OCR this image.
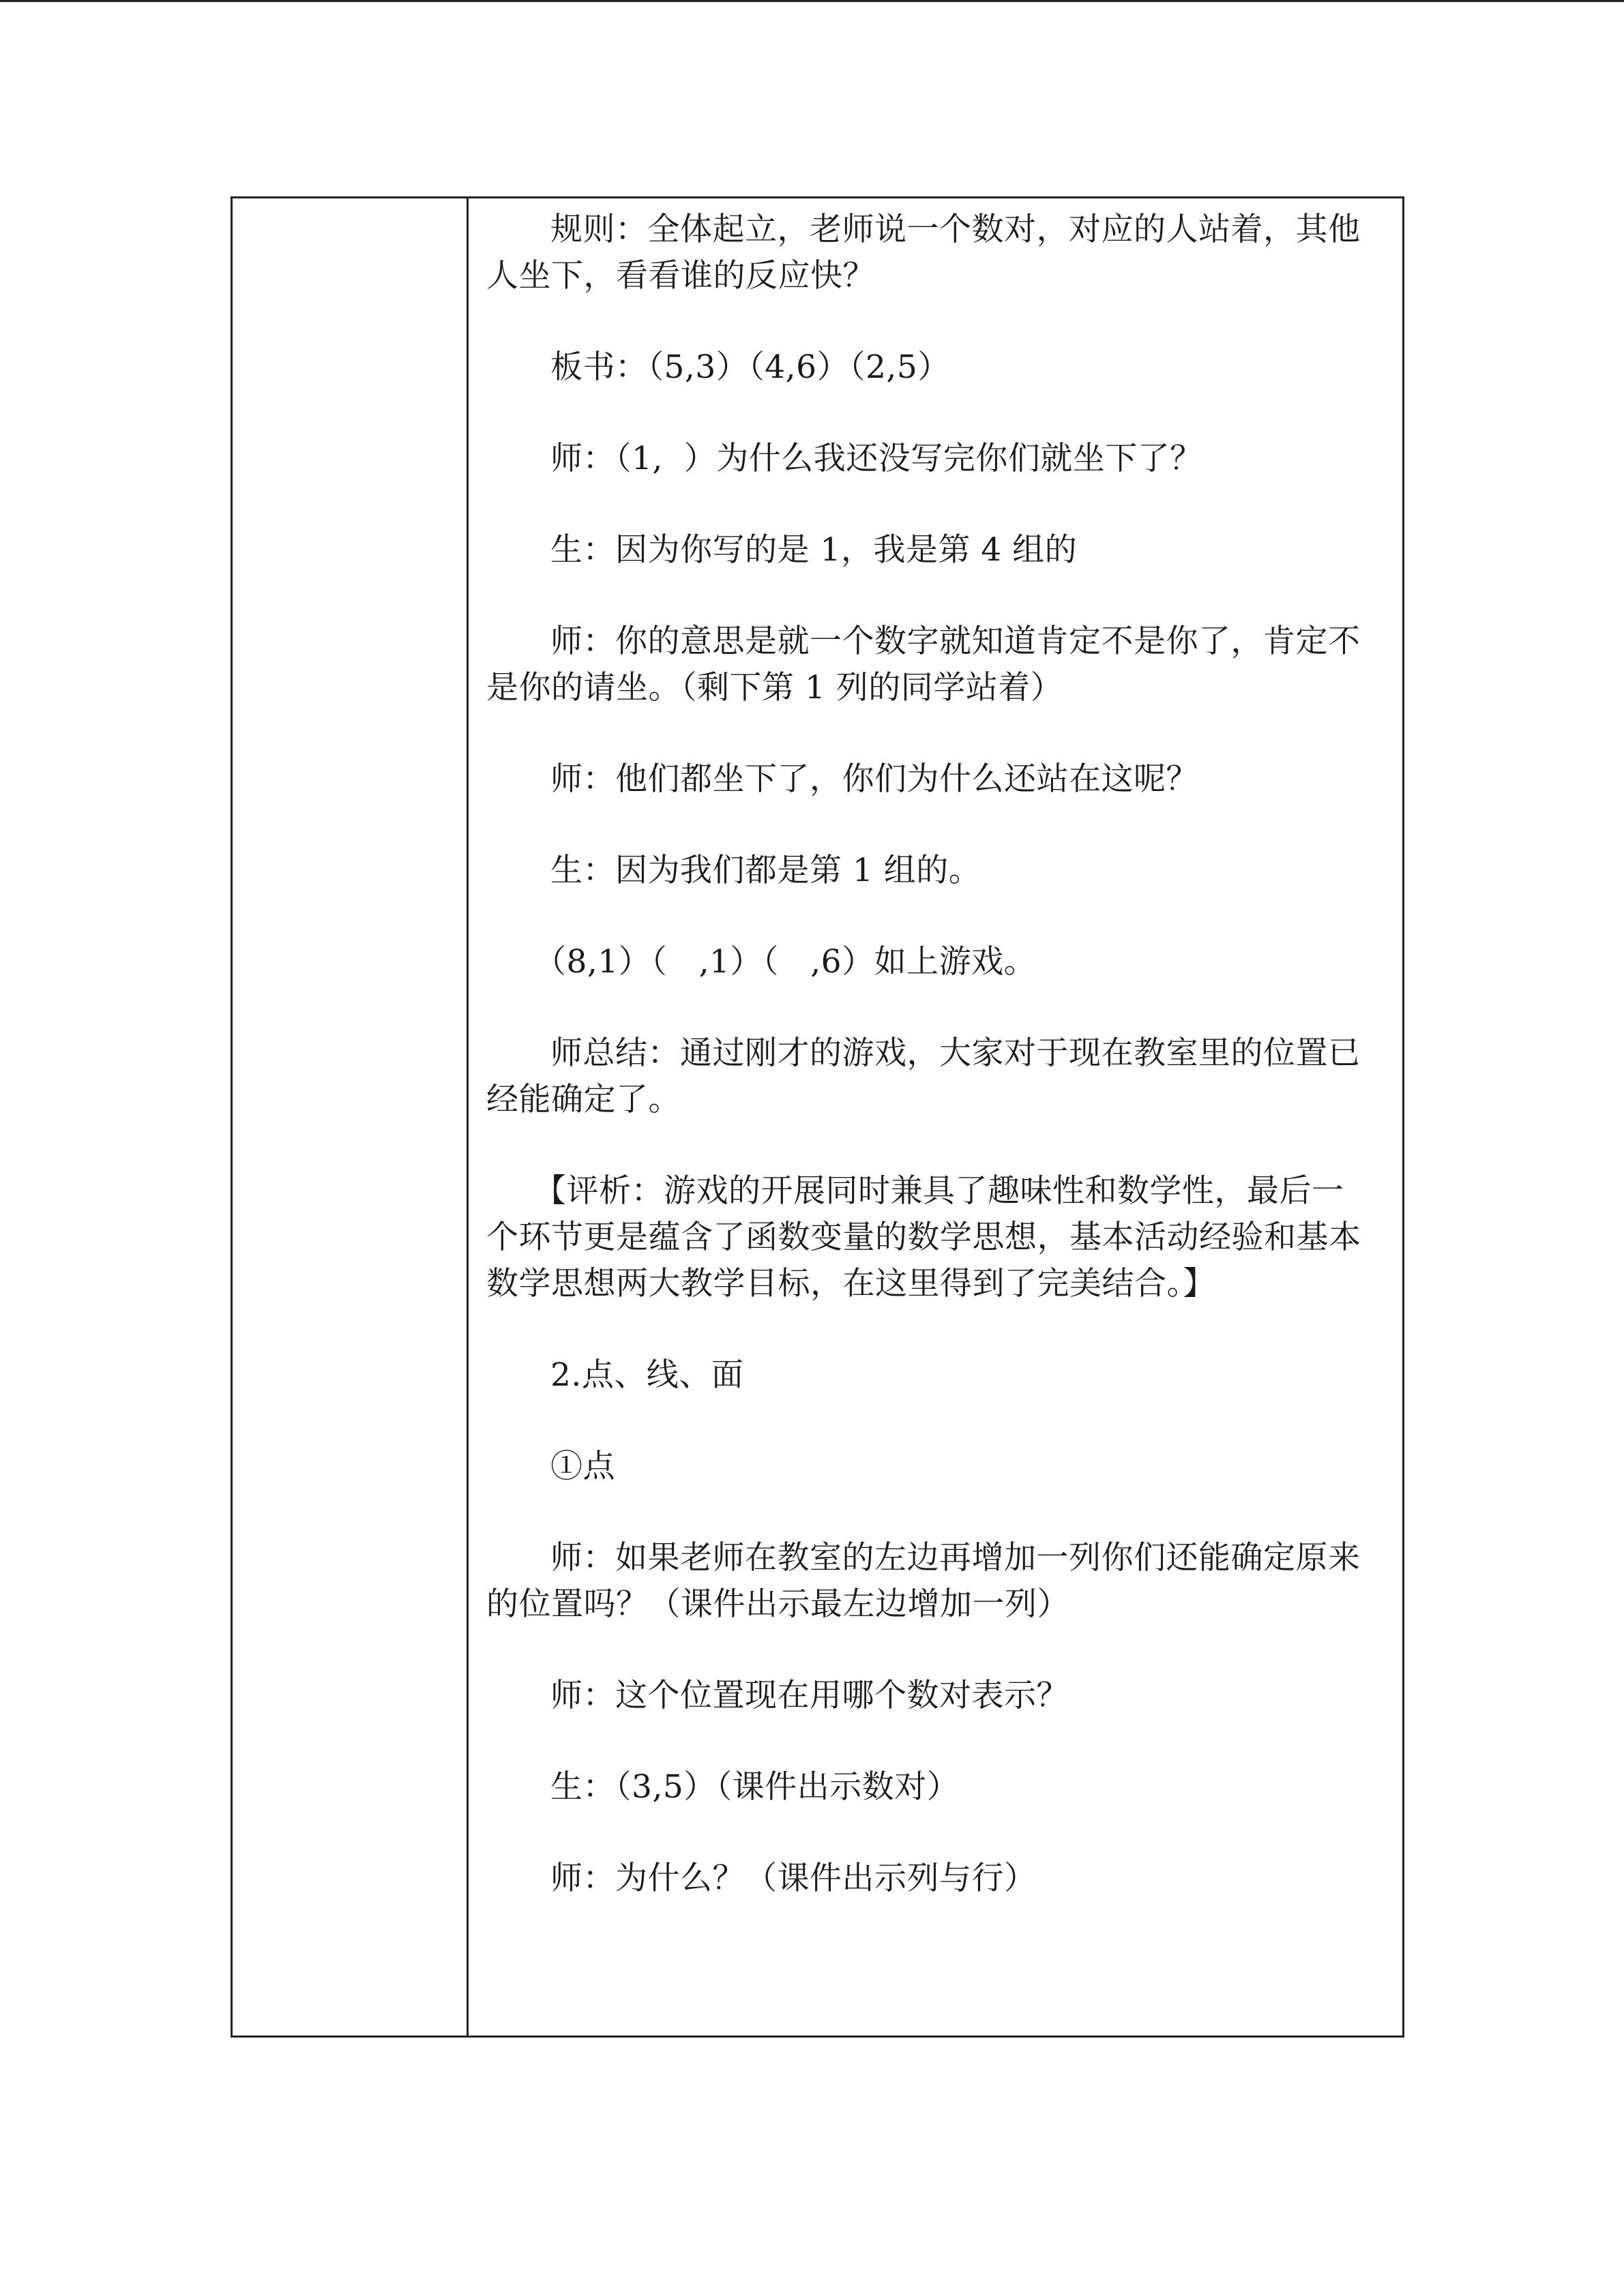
规则：全体起立，老师说一个数对，对应的人站着，其他人坐下，看看谁的反应快？

板书：（5,3）（4,6）（2,5）

师：（1,  ）为什么我还没写完你们就坐下了？

生：因为你写的是 1，我是第 4 组的

师：你的意思是就一个数字就知道肯定不是你了，肯定不是你的请坐。（剩下第 1 列的同学站着）

师：他们都坐下了，你们为什么还站在这呢？

生：因为我们都是第 1 组的。

（8,1）（   ,1）（   ,6）如上游戏。

师总结：通过刚才的游戏，大家对于现在教室里的位置已经能确定了。

【评析：游戏的开展同时兼具了趣味性和数学性，最后一个环节更是蕴含了函数变量的数学思想，基本活动经验和基本数学思想两大教学目标，在这里得到了完美结合。】

2.点、线、面

①点

师：如果老师在教室的左边再增加一列你们还能确定原来的位置吗？（课件出示最左边增加一列）

师：这个位置现在用哪个数对表示？

生：（3,5）（课件出示数对）

师：为什么？（课件出示列与行）
